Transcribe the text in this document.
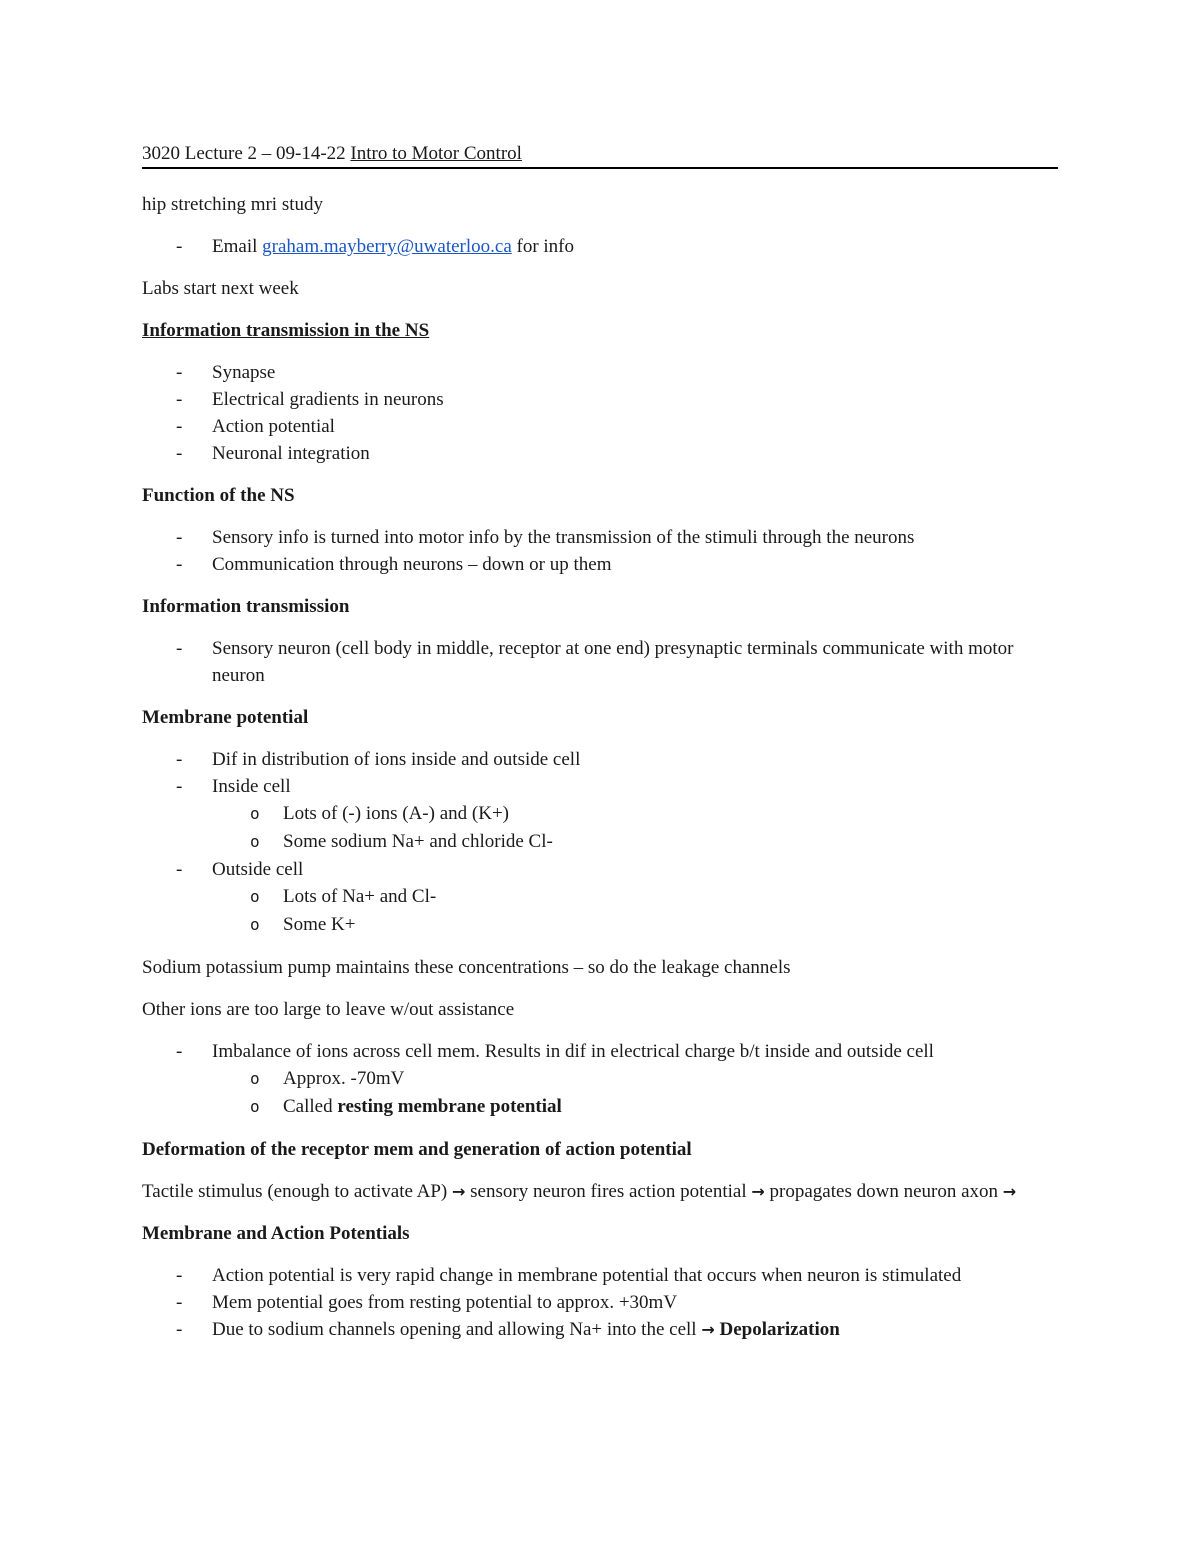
3020 Lecture 2 – 09-14-22 Intro to Motor Control

hip stretching mri study

- Email graham.mayberry@uwaterloo.ca for info

Labs start next week

Information transmission in the NS
- Synapse
- Electrical gradients in neurons
- Action potential
- Neuronal integration
Function of the NS
- Sensory info is turned into motor info by the transmission of the stimuli through the neurons
- Communication through neurons – down or up them
Information transmission
- Sensory neuron (cell body in middle, receptor at one end) presynaptic terminals communicate with motor neuron
Membrane potential
- Dif in distribution of ions inside and outside cell
- Inside cell
o Lots of (-) ions (A-) and (K+)
o Some sodium Na+ and chloride Cl-
- Outside cell
o Lots of Na+ and Cl-
o Some K+

Sodium potassium pump maintains these concentrations – so do the leakage channels

Other ions are too large to leave w/out assistance

- Imbalance of ions across cell mem. Results in dif in electrical charge b/t inside and outside cell
o Approx. -70mV
o Called resting membrane potential
Deformation of the receptor mem and generation of action potential

Tactile stimulus (enough to activate AP) → sensory neuron fires action potential → propagates down neuron axon →

Membrane and Action Potentials
- Action potential is very rapid change in membrane potential that occurs when neuron is stimulated
- Mem potential goes from resting potential to approx. +30mV
- Due to sodium channels opening and allowing Na+ into the cell → Depolarization
